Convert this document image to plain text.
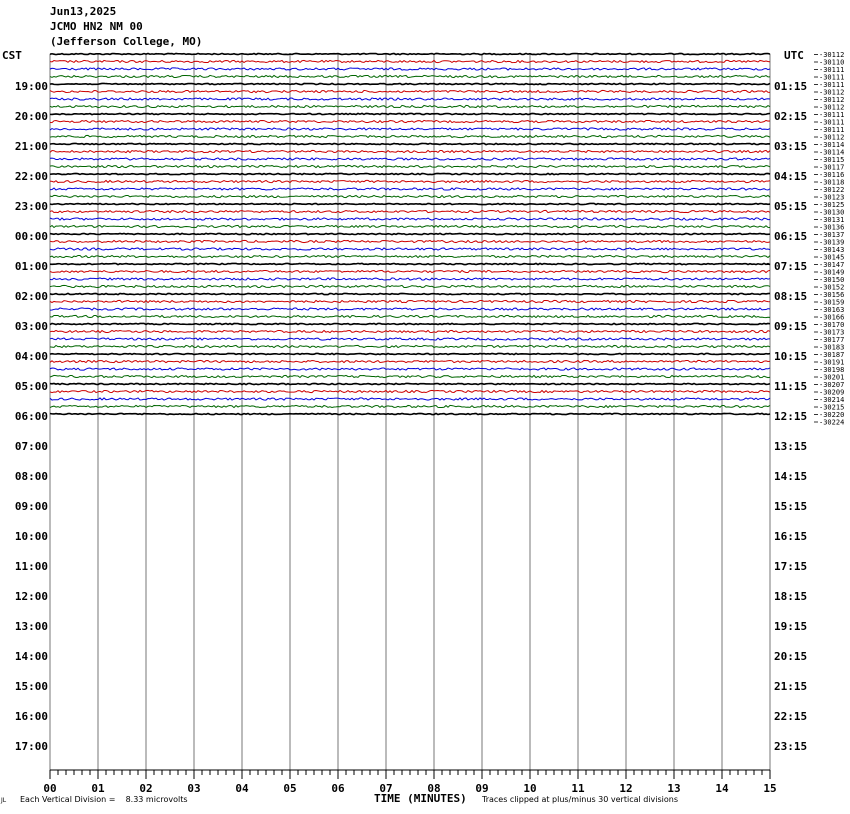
Jun13,2025
JCMO HN2 NM 00
(Jefferson College, MO)
CST	UTC
00	01	02	03	04	05	06	07	08	09	10	11	12	13	14	15
-30112
-30110
-30111
-30111
-30111
-30112
-30112
-30112
-30111
-30111
-30111
-30112
-30114
-30114
-30115
-30117
-30116
-30118
-30122
-30123
-30125
-30130
-30131
-30136
-30137
-30139
-30143
-30145
-30147
-30149
-30150
-30152
-30156
-30159
-30163
-30166
-30170
-30173
-30177
-30183
-30187
-30191
-30198
-30201
-30207
-30209
-30214
-30215
-30220
-30224
19:00
20:00
21:00
22:00
23:00
00:00
01:00
02:00
03:00
04:00
05:00
06:00
07:00
08:00
09:00
10:00
11:00
12:00
13:00
14:00
15:00
16:00
17:00
01:15
02:15
03:15
04:15
05:15
06:15
07:15
08:15
09:15
10:15
11:15
12:15
13:15
14:15
15:15
16:15
17:15
18:15
19:15
20:15
21:15
22:15
23:15
JL Each Vertical Division =    8.33 microvolts	TIME (MINUTES) Traces clipped at plus/minus 30 vertical divisions
